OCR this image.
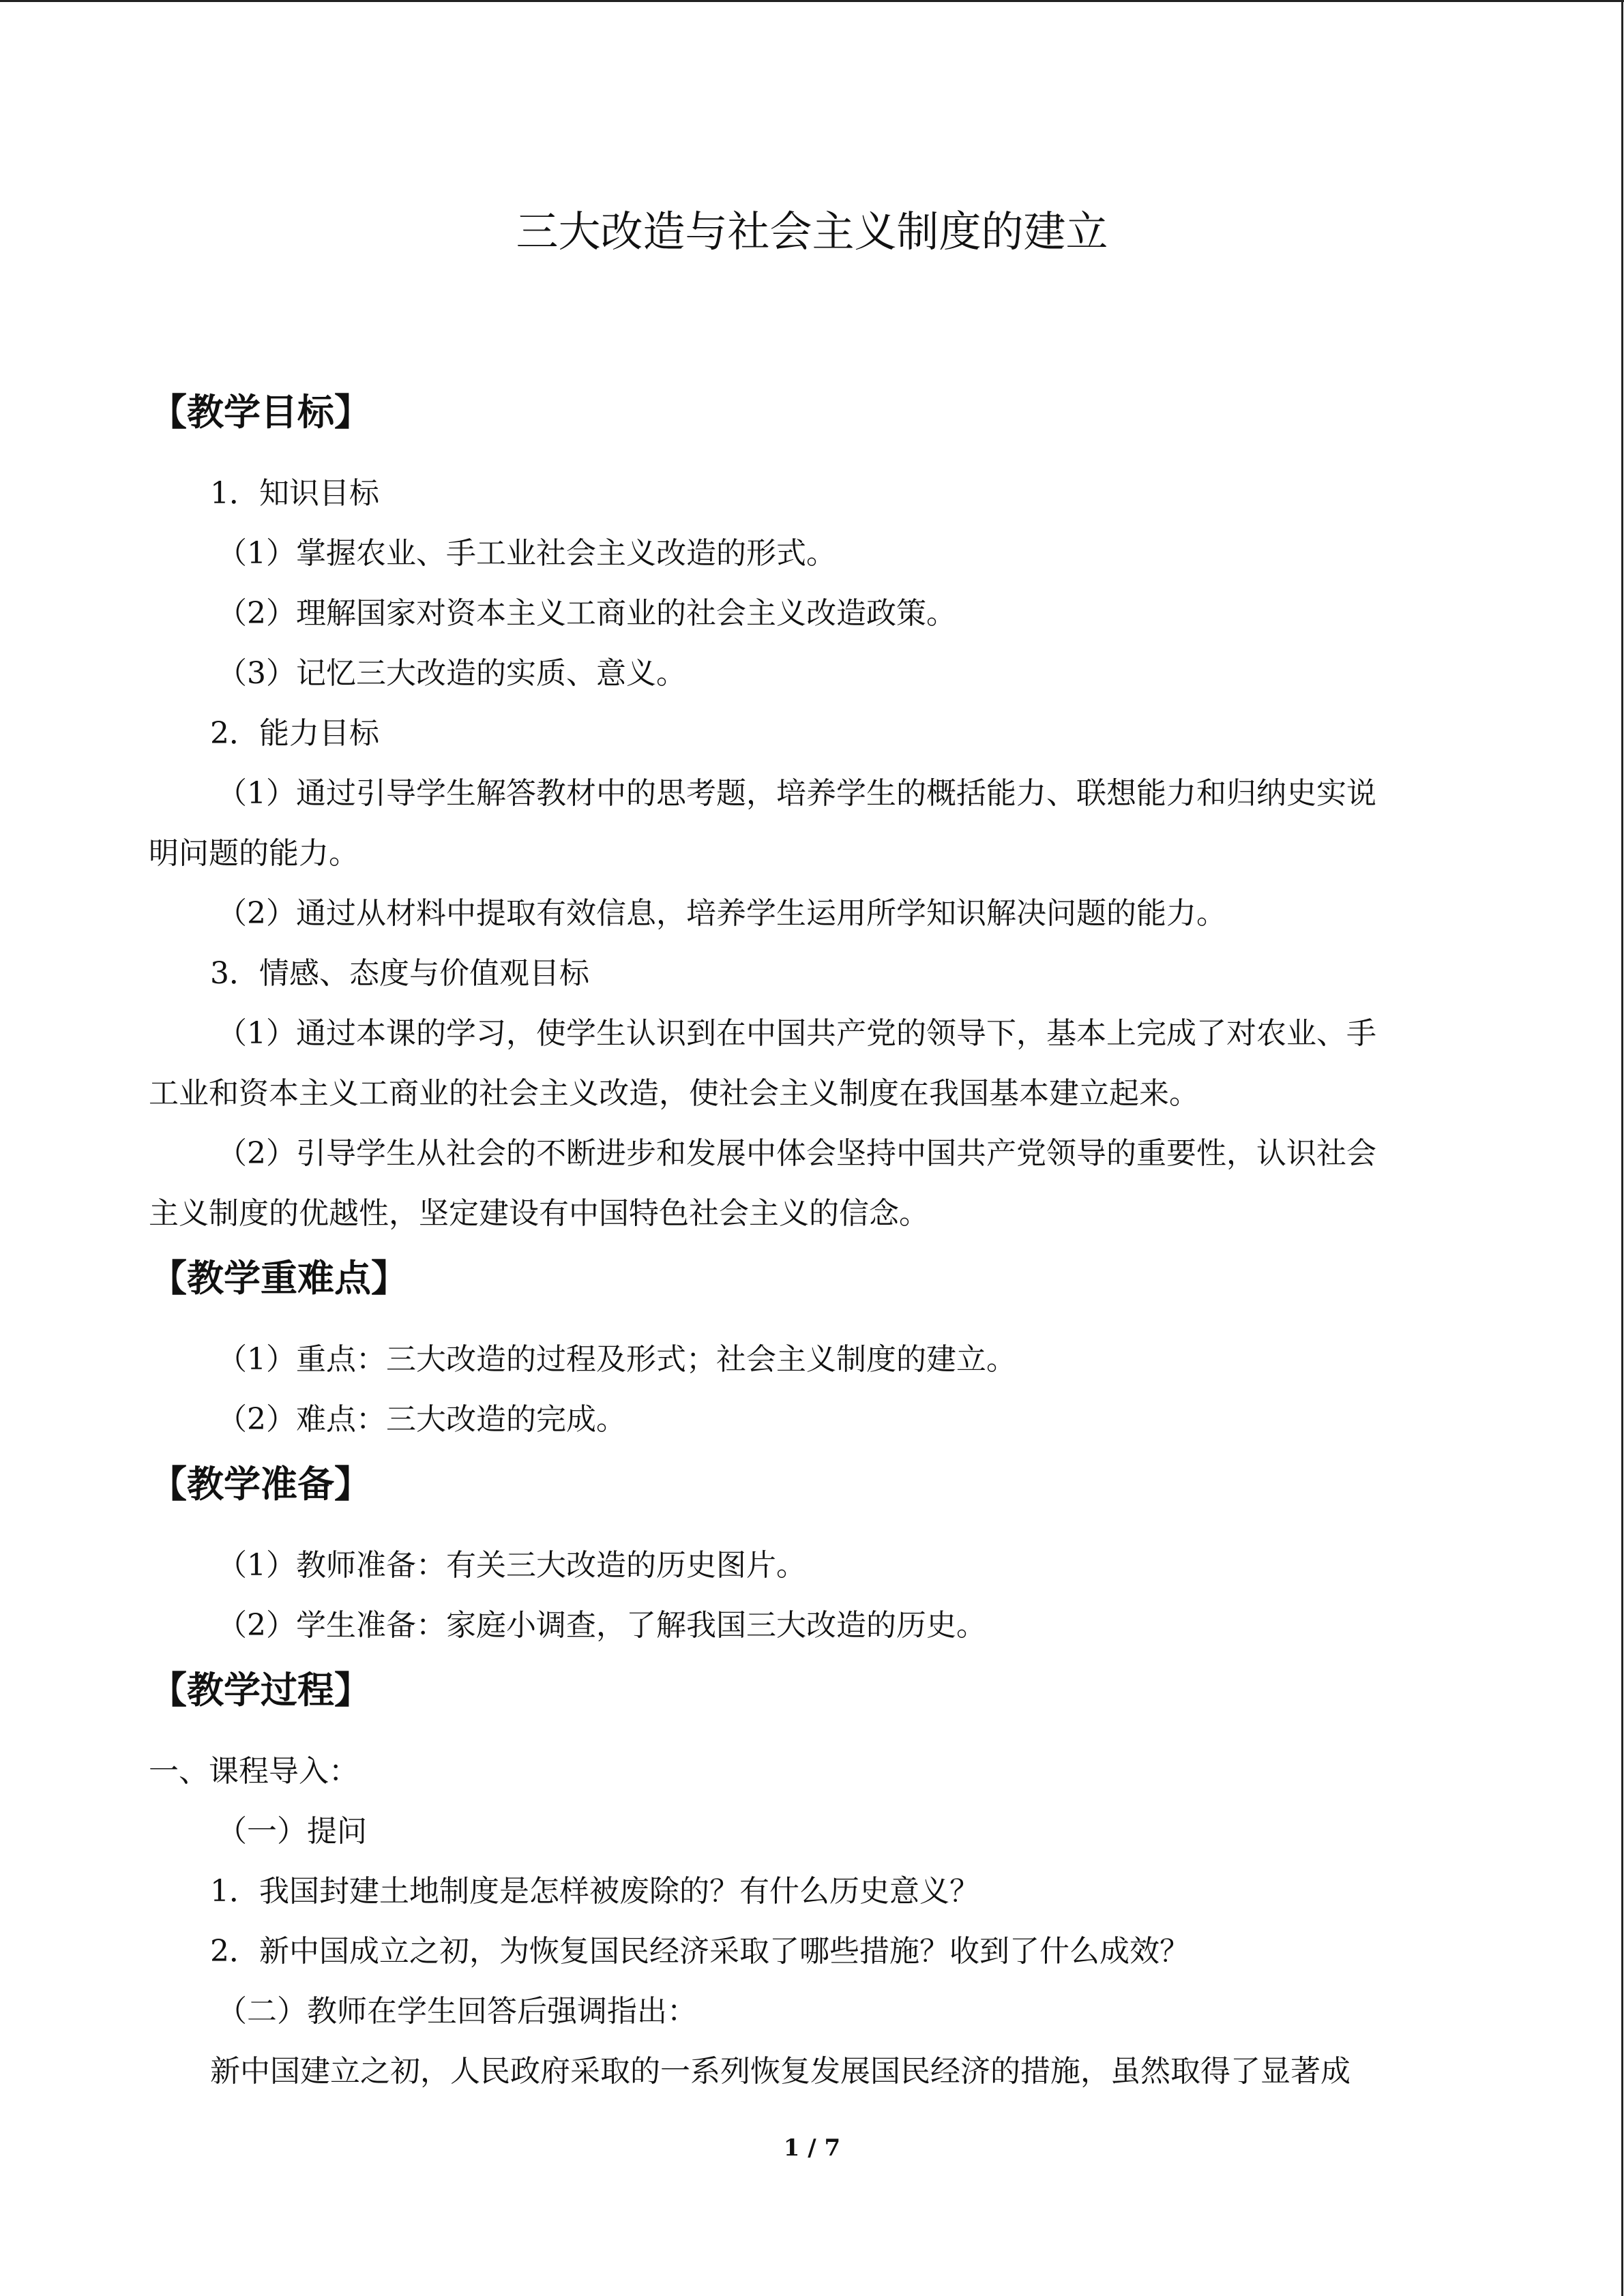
三大改造与社会主义制度的建立
【教学目标】
1．知识目标
（1）掌握农业、手工业社会主义改造的形式。
（2）理解国家对资本主义工商业的社会主义改造政策。
（3）记忆三大改造的实质、意义。
2．能力目标
（1）通过引导学生解答教材中的思考题，培养学生的概括能力、联想能力和归纳史实说
明问题的能力。
（2）通过从材料中提取有效信息，培养学生运用所学知识解决问题的能力。
3．情感、态度与价值观目标
（1）通过本课的学习，使学生认识到在中国共产党的领导下，基本上完成了对农业、手
工业和资本主义工商业的社会主义改造，使社会主义制度在我国基本建立起来。
（2）引导学生从社会的不断进步和发展中体会坚持中国共产党领导的重要性，认识社会
主义制度的优越性，坚定建设有中国特色社会主义的信念。
【教学重难点】
（1）重点：三大改造的过程及形式；社会主义制度的建立。
（2）难点：三大改造的完成。
【教学准备】
（1）教师准备：有关三大改造的历史图片。
（2）学生准备：家庭小调查，了解我国三大改造的历史。
【教学过程】
一、课程导入：
（一）提问
1．我国封建土地制度是怎样被废除的？有什么历史意义？
2．新中国成立之初，为恢复国民经济采取了哪些措施？收到了什么成效？
（二）教师在学生回答后强调指出：
新中国建立之初，人民政府采取的一系列恢复发展国民经济的措施，虽然取得了显著成
1 / 7
